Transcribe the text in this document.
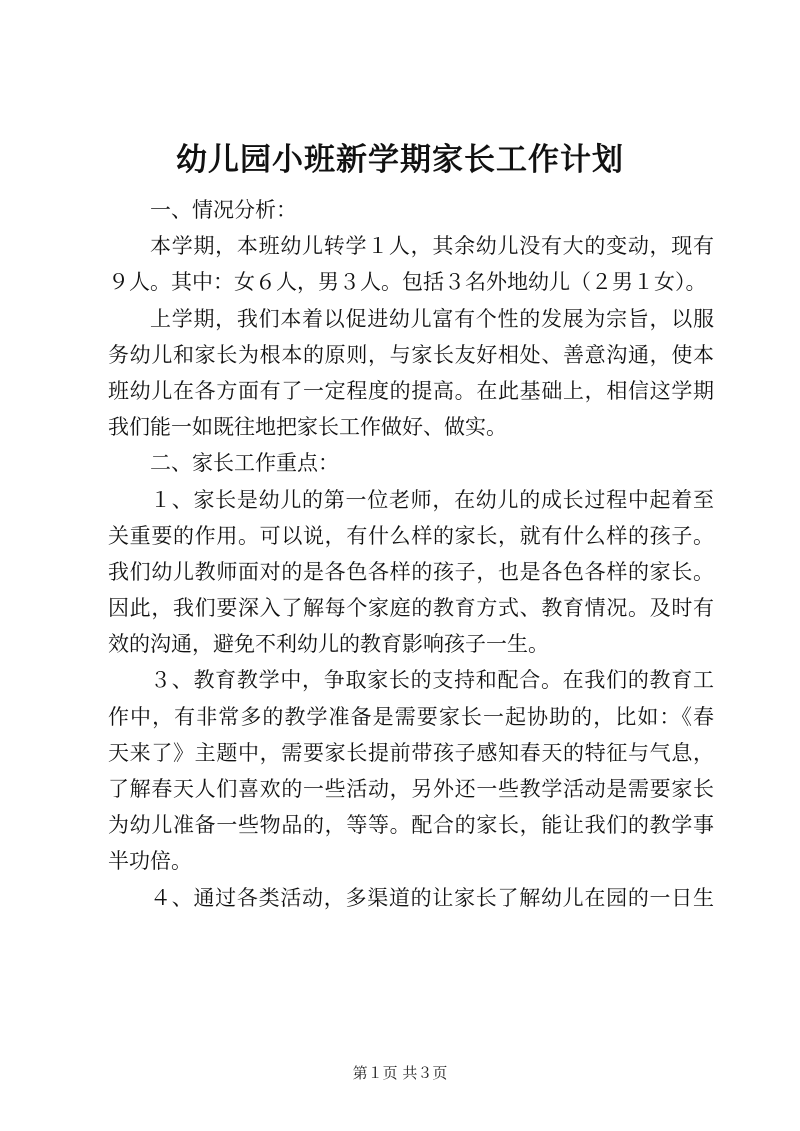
幼儿园小班新学期家长工作计划
一、情况分析：
本学期，本班幼儿转学１人，其余幼儿没有大的变动，现有
９人。其中：女６人，男３人。包括３名外地幼儿（２男１女）。
上学期，我们本着以促进幼儿富有个性的发展为宗旨，以服
务幼儿和家长为根本的原则，与家长友好相处、善意沟通，使本
班幼儿在各方面有了一定程度的提高。在此基础上，相信这学期
我们能一如既往地把家长工作做好、做实。
二、家长工作重点：
１、家长是幼儿的第一位老师，在幼儿的成长过程中起着至
关重要的作用。可以说，有什么样的家长，就有什么样的孩子。
我们幼儿教师面对的是各色各样的孩子，也是各色各样的家长。
因此，我们要深入了解每个家庭的教育方式、教育情况。及时有
效的沟通，避免不利幼儿的教育影响孩子一生。
３、教育教学中，争取家长的支持和配合。在我们的教育工
作中，有非常多的教学准备是需要家长一起协助的，比如：《春
天来了》主题中，需要家长提前带孩子感知春天的特征与气息，
了解春天人们喜欢的一些活动，另外还一些教学活动是需要家长
为幼儿准备一些物品的，等等。配合的家长，能让我们的教学事
半功倍。
４、通过各类活动，多渠道的让家长了解幼儿在园的一日生
第１页 共３页
